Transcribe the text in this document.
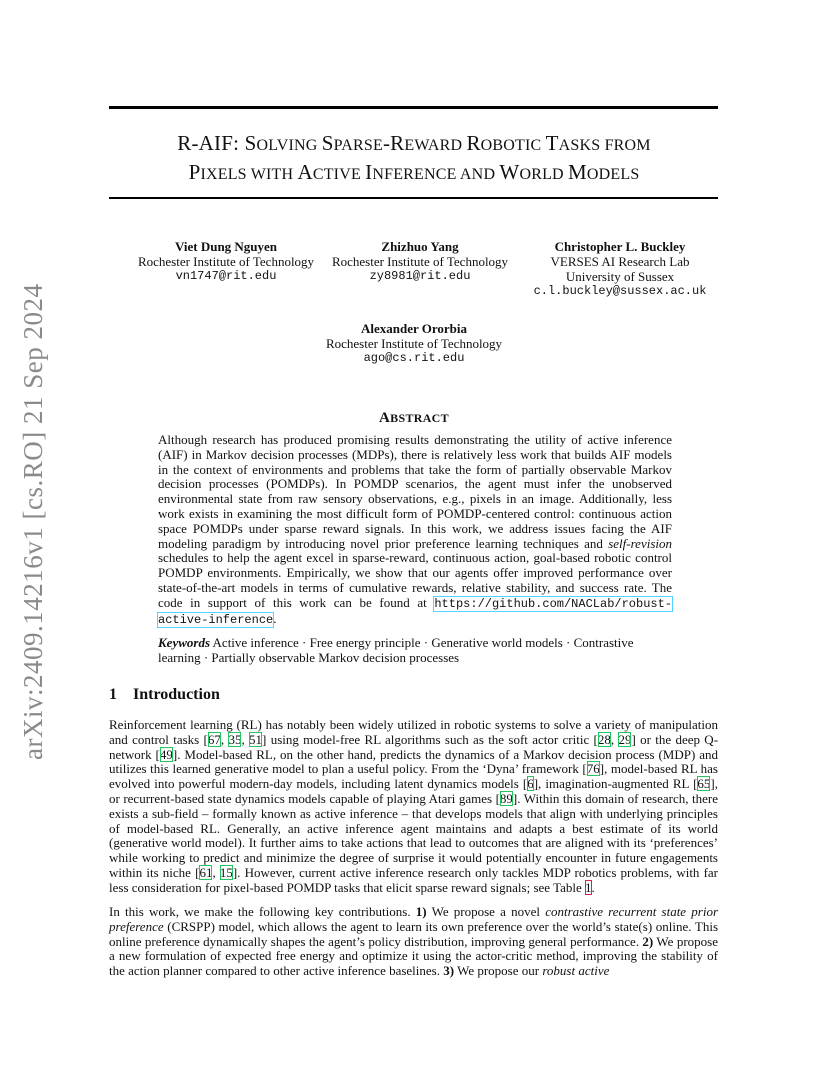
R-AIF: SOLVING SPARSE-REWARD ROBOTIC TASKS FROM
PIXELS WITH ACTIVE INFERENCE AND WORLD MODELS
Viet Dung Nguyen
Rochester Institute of Technology
vn1747@rit.edu
Zhizhuo Yang
Rochester Institute of Technology
zy8981@rit.edu
Christopher L. Buckley
VERSES AI Research Lab
University of Sussex
c.l.buckley@sussex.ac.uk
Alexander Ororbia
Rochester Institute of Technology
ago@cs.rit.edu
ABSTRACT
Although research has produced promising results demonstrating the utility of active inference (AIF) in Markov decision processes (MDPs), there is relatively less work that builds AIF models in the context of environments and problems that take the form of partially observable Markov decision processes (POMDPs). In POMDP scenarios, the agent must infer the unobserved environmental state from raw sensory observations, e.g., pixels in an image. Additionally, less work exists in examining the most difficult form of POMDP-centered control: continuous action space POMDPs under sparse reward signals. In this work, we address issues facing the AIF modeling paradigm by introducing novel prior preference learning techniques and self-revision schedules to help the agent excel in sparse-reward, continuous action, goal-based robotic control POMDP environments. Empirically, we show that our agents offer improved performance over state-of-the-art models in terms of cumulative rewards, relative stability, and success rate. The code in support of this work can be found at https://github.com/NACLab/robust-active-inference.
Keywords Active inference · Free energy principle · Generative world models · Contrastive learning · Partially observable Markov decision processes
1 Introduction
Reinforcement learning (RL) has notably been widely utilized in robotic systems to solve a variety of manipulation and control tasks [67, 35, 51] using model-free RL algorithms such as the soft actor critic [28, 29] or the deep Q-network [49]. Model-based RL, on the other hand, predicts the dynamics of a Markov decision process (MDP) and utilizes this learned generative model to plan a useful policy. From the ‘Dyna’ framework [76], model-based RL has evolved into powerful modern-day models, including latent dynamics models [6], imagination-augmented RL [65], or recurrent-based state dynamics models capable of playing Atari games [89]. Within this domain of research, there exists a sub-field – formally known as active inference – that develops models that align with underlying principles of model-based RL. Generally, an active inference agent maintains and adapts a best estimate of its world (generative world model). It further aims to take actions that lead to outcomes that are aligned with its ‘preferences’ while working to predict and minimize the degree of surprise it would potentially encounter in future engagements within its niche [61, 15]. However, current active inference research only tackles MDP robotics problems, with far less consideration for pixel-based POMDP tasks that elicit sparse reward signals; see Table 1.
In this work, we make the following key contributions. 1) We propose a novel contrastive recurrent state prior preference (CRSPP) model, which allows the agent to learn its own preference over the world’s state(s) online. This online preference dynamically shapes the agent’s policy distribution, improving general performance. 2) We propose a new formulation of expected free energy and optimize it using the actor-critic method, improving the stability of the action planner compared to other active inference baselines. 3) We propose our robust active
arXiv:2409.14216v1 [cs.RO] 21 Sep 2024
